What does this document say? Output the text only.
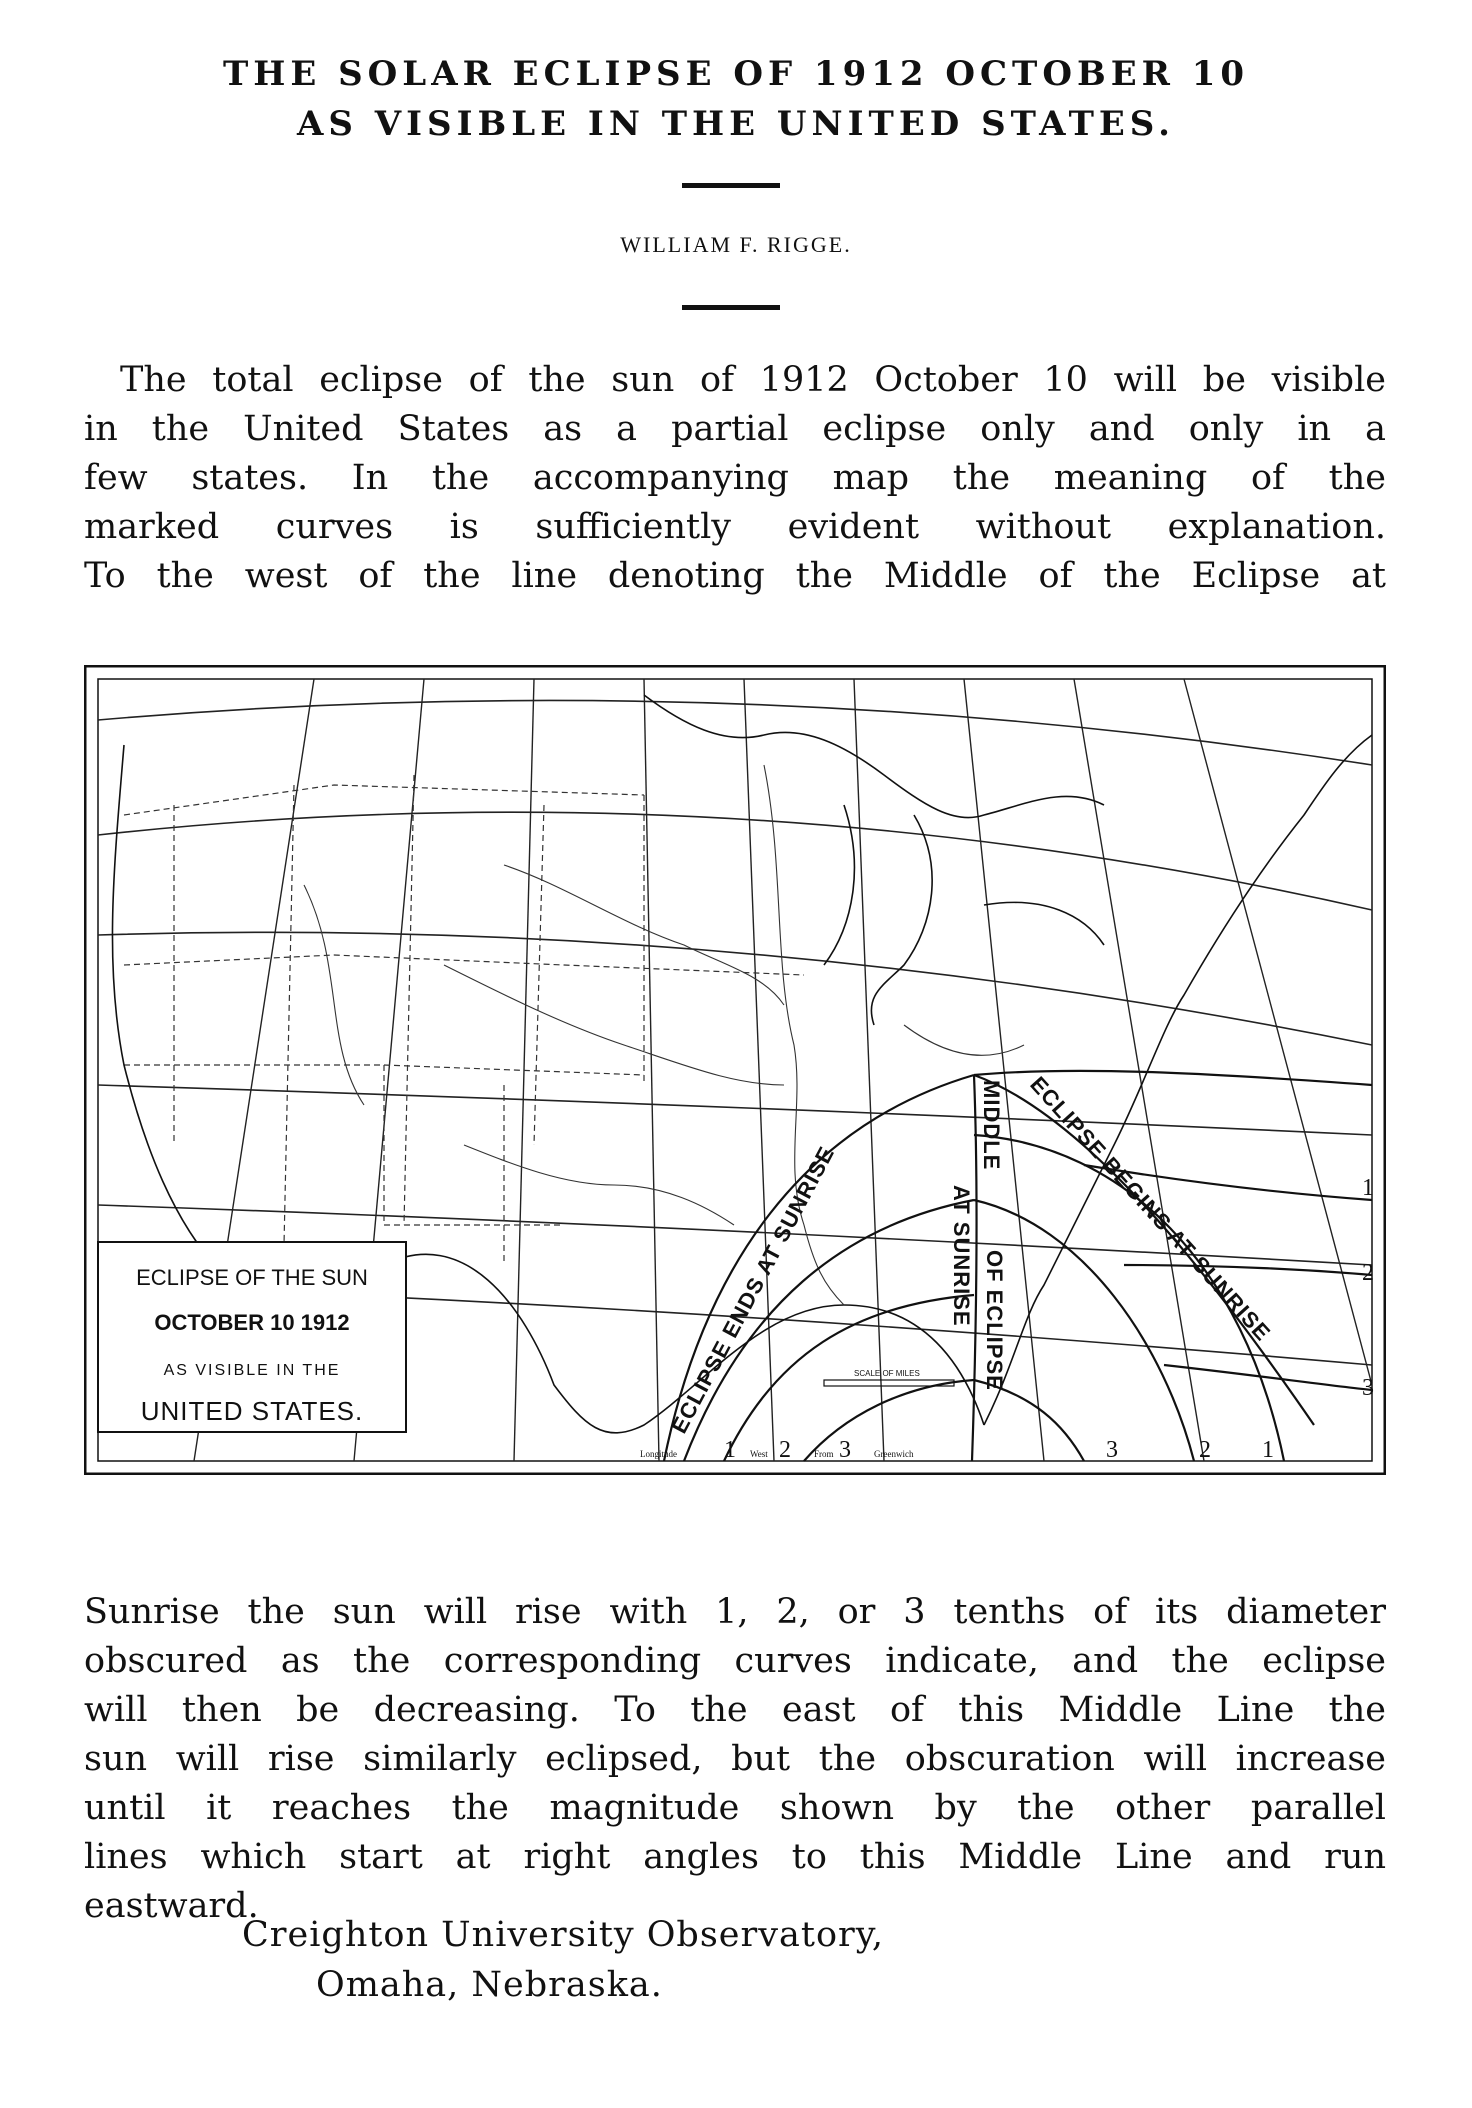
THE SOLAR ECLIPSE OF 1912 OCTOBER 10
AS VISIBLE IN THE UNITED STATES.
WILLIAM F. RIGGE.
The total eclipse of the sun of 1912 October 10 will be visible
in the United States as a partial eclipse only and only in a
few states. In the accompanying map the meaning of the
marked curves is sufficiently evident without explanation.
To the west of the line denoting the Middle of the Eclipse at
ECLIPSE ENDS AT SUNRISE
MIDDLE
AT SUNRISE OF ECLIPSE ECLIPSE BEGINS AT SUNRISE	1
2
3
1 2 3	3	2 1
Longitude	West	From	Greenwich
SCALE OF MILES
ECLIPSE OF THE SUN
OCTOBER 10 1912
AS VISIBLE IN THE
UNITED STATES.
Sunrise the sun will rise with 1, 2, or 3 tenths of its diameter
obscured as the corresponding curves indicate, and the eclipse
will then be decreasing. To the east of this Middle Line the
sun will rise similarly eclipsed, but the obscuration will increase
until it reaches the magnitude shown by the other parallel
lines which start at right angles to this Middle Line and run
eastward.
Creighton University Observatory,
Omaha, Nebraska.
